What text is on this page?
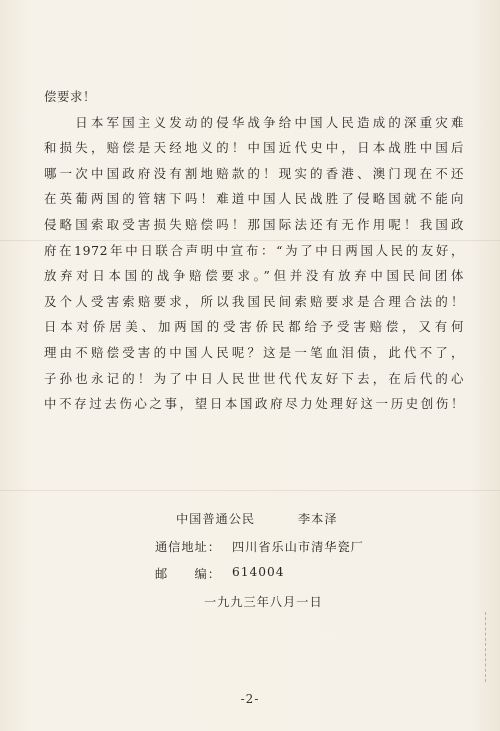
偿要求！

　　日本军国主义发动的侵华战争给中国人民造成的深重灾难

和损失，赔偿是天经地义的！中国近代史中，日本战胜中国后

哪一次中国政府没有割地赔款的！现实的香港、澳门现在不还

在英葡两国的管辖下吗！难道中国人民战胜了侵略国就不能向

侵略国索取受害损失赔偿吗！那国际法还有无作用呢！我国政

府在1972年中日联合声明中宣布：“为了中日两国人民的友好，

放弃对日本国的战争赔偿要求。”但并没有放弃中国民间团体

及个人受害索赔要求，所以我国民间索赔要求是合理合法的！

日本对侨居美、加两国的受害侨民都给予受害赔偿，又有何

理由不赔偿受害的中国人民呢？这是一笔血泪债，此代不了，

子孙也永记的！为了中日人民世世代代友好下去，在后代的心

中不存过去伤心之事，望日本国政府尽力处理好这一历史创伤！

中国普通公民	李本泽
通信地址： 四川省乐山市清华瓷厂
邮　　编： 614004
一九九三年八月一日
-2-
